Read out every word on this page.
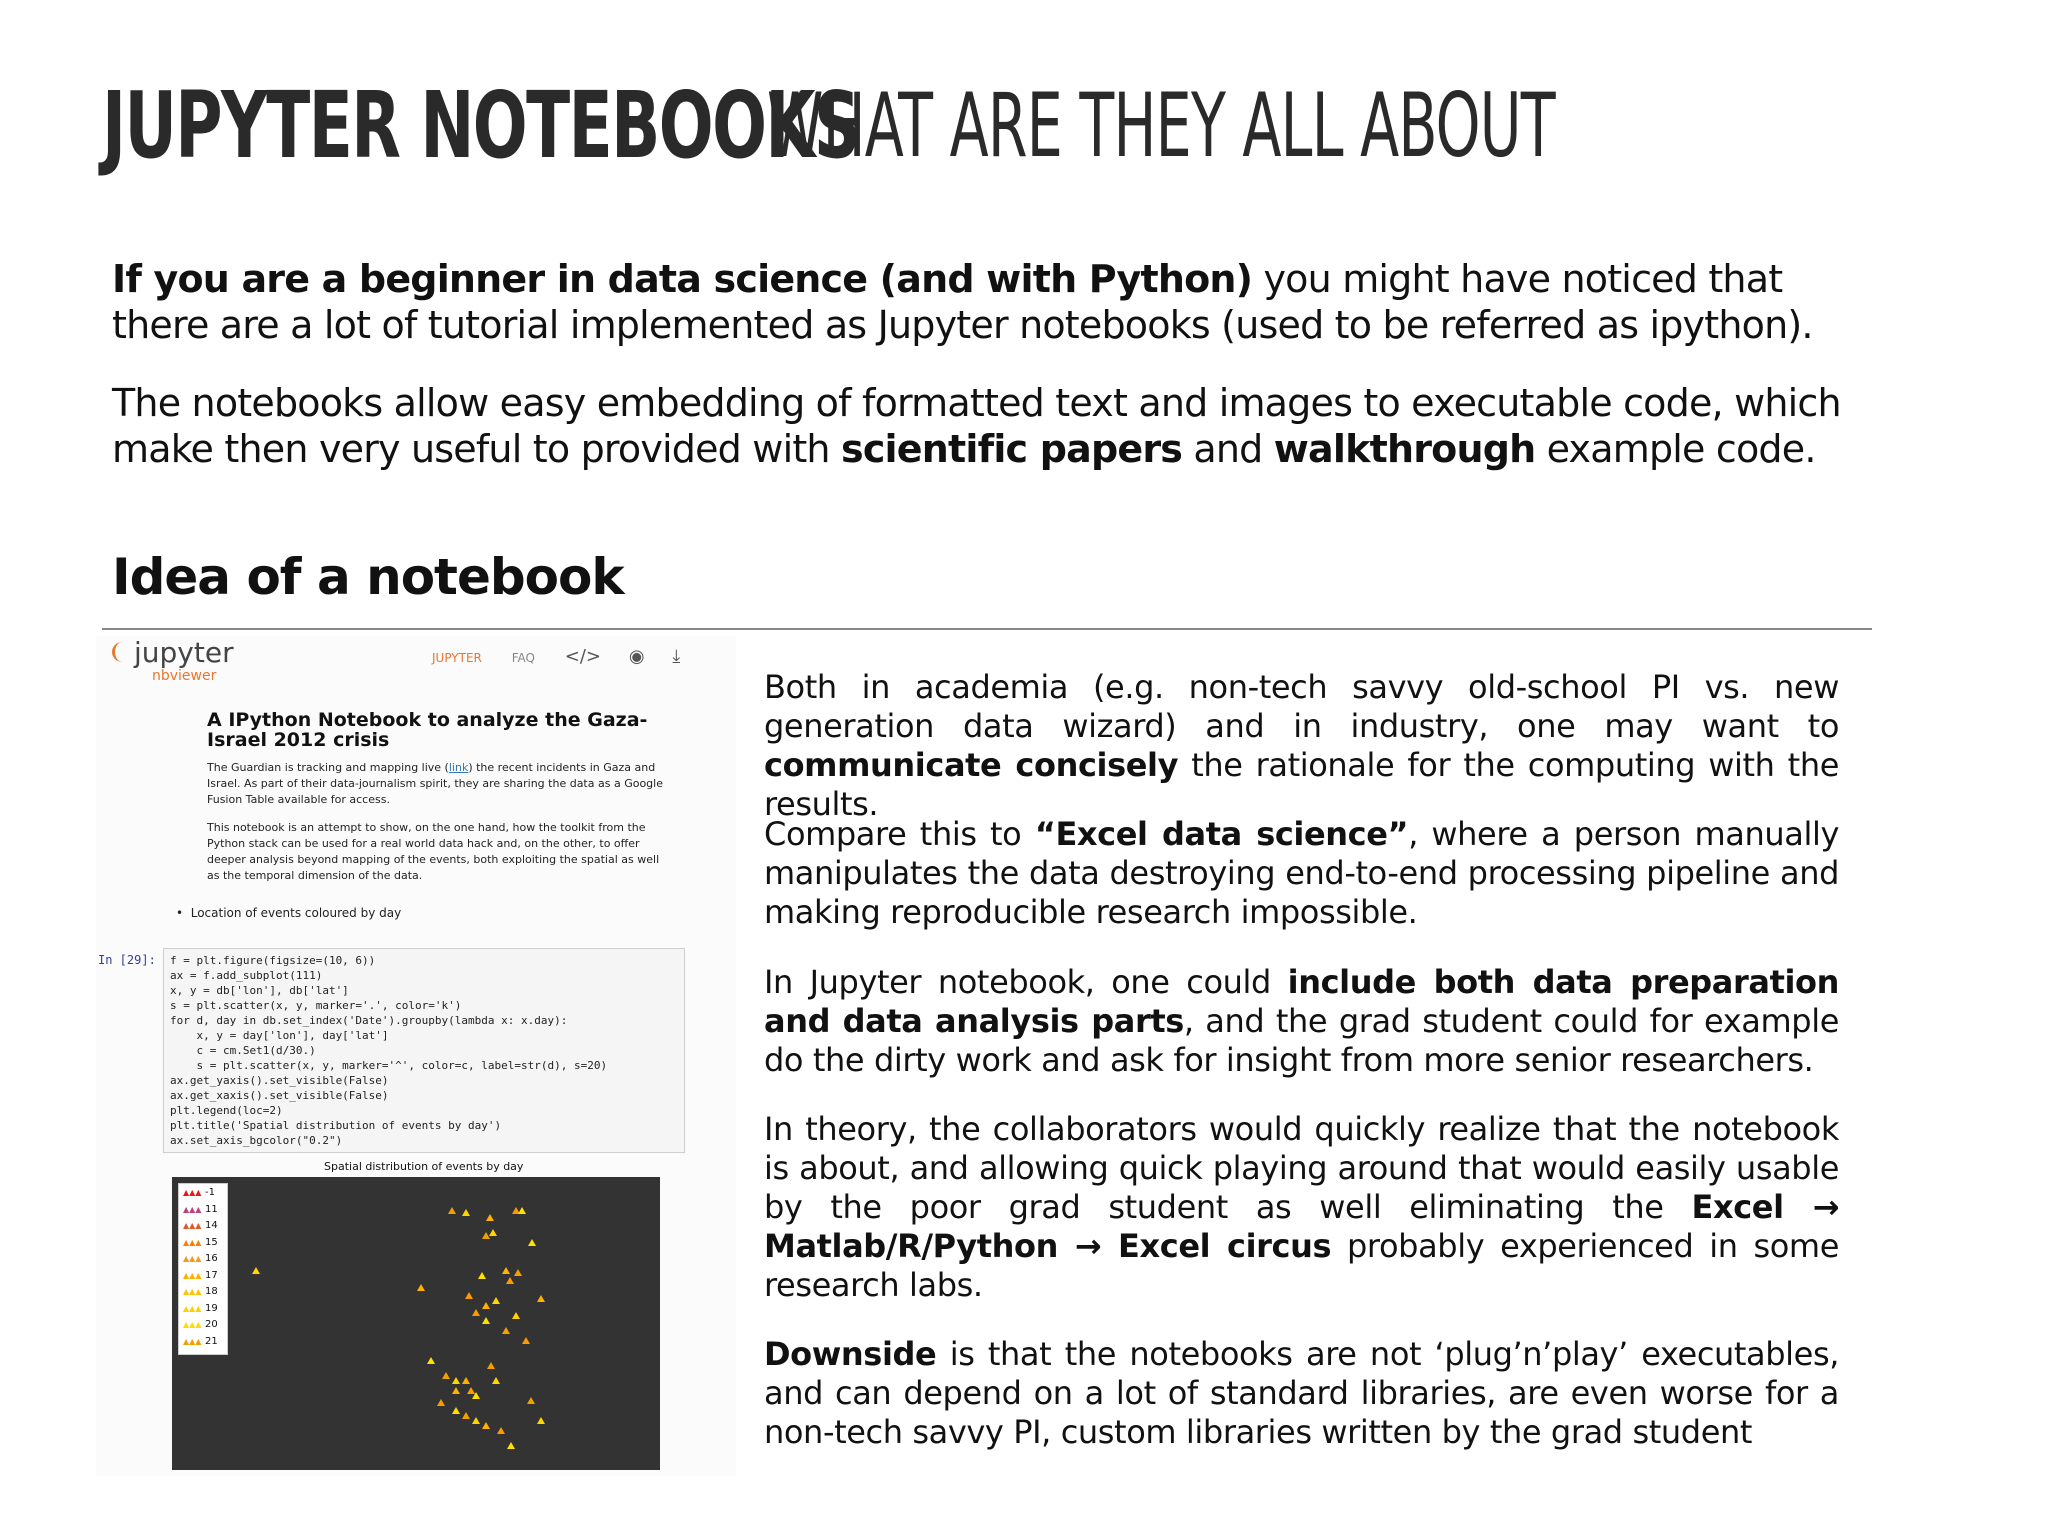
JUPYTER NOTEBOOKS
WHAT ARE THEY ALL ABOUT
If you are a beginner in data science (and with Python) you might have noticed that there are a lot of tutorial implemented as Jupyter notebooks (used to be referred as ipython).
The notebooks allow easy embedding of formatted text and images to executable code, which make then very useful to provided with scientific papers and walkthrough example code.
Idea of a notebook
jupyter
nbviewer
JUPYTER FAQ </> ◉ ⤓
A IPython Notebook to analyze the Gaza-Israel 2012 crisis
The Guardian is tracking and mapping live (link) the recent incidents in Gaza and Israel. As part of their data-journalism spirit, they are sharing the data as a Google Fusion Table available for access.
This notebook is an attempt to show, on the one hand, how the toolkit from the Python stack can be used for a real world data hack and, on the other, to offer deeper analysis beyond mapping of the events, both exploiting the spatial as well as the temporal dimension of the data.
•  Location of events coloured by day
In [29]: f = plt.figure(figsize=(10, 6))
ax = f.add_subplot(111)
x, y = db['lon'], db['lat']
s = plt.scatter(x, y, marker='.', color='k')
for d, day in db.set_index('Date').groupby(lambda x: x.day):
x, y = day['lon'], day['lat']
c = cm.Set1(d/30.)
s = plt.scatter(x, y, marker='^', color=c, label=str(d), s=20)
ax.get_yaxis().set_visible(False)
ax.get_xaxis().set_visible(False)
plt.legend(loc=2)
plt.title('Spatial distribution of events by day')
ax.set_axis_bgcolor("0.2")
Spatial distribution of events by day
▲▲▲ -1
▲▲▲ 11
▲▲▲ 14
▲▲▲ 15
▲▲▲ 16
▲▲▲ 17
▲▲▲ 18
▲▲▲ 19
▲▲▲ 20
▲▲▲ 21
Both in academia (e.g. non-tech savvy old-school PI vs. new generation data wizard) and in industry, one may want to communicate concisely the rationale for the computing with the results.
Compare this to “Excel data science”, where a person manually manipulates the data destroying end-to-end processing pipeline and making reproducible research impossible.
In Jupyter notebook, one could include both data preparation and data analysis parts, and the grad student could for example do the dirty work and ask for insight from more senior researchers.
In theory, the collaborators would quickly realize that the notebook is about, and allowing quick playing around that would easily usable by the poor grad student as well eliminating the Excel → Matlab/R/Python → Excel circus probably experienced in some research labs.
Downside is that the notebooks are not ‘plug’n’play’ executables, and can depend on a lot of standard libraries, are even worse for a non-tech savvy PI, custom libraries written by the grad student
